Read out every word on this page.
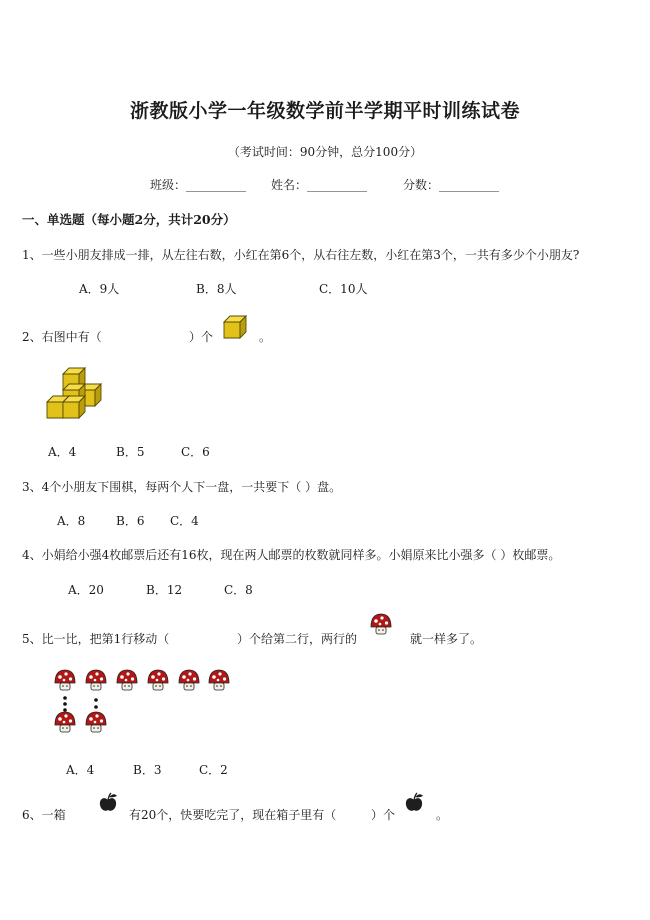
浙教版小学一年级数学前半学期平时训练试卷
（考试时间：90分钟，总分100分）
班级：__________ 姓名：__________	分数：__________
一、单选题（每小题2分，共计20分）
1、一些小朋友排成一排，从左往右数，小红在第6个，从右往左数，小红在第3个，一共有多少个小朋友?
A．9人	B．8人	C．10人
2、右图中有（	）个	。
A．4	B．5	C．6
3、4个小朋友下围棋，每两个人下一盘，一共要下（ ）盘。
A．8	B．6 C．4
4、小娟给小强4枚邮票后还有16枚，现在两人邮票的枚数就同样多。小娟原来比小强多（ ）枚邮票。
A．20	B．12	C．8
5、比一比，把第1行移动（	）个给第二行，两行的	就一样多了。
A．4	B．3	C．2
6、一箱	有20个，快要吃完了，现在箱子里有（	）个	。
